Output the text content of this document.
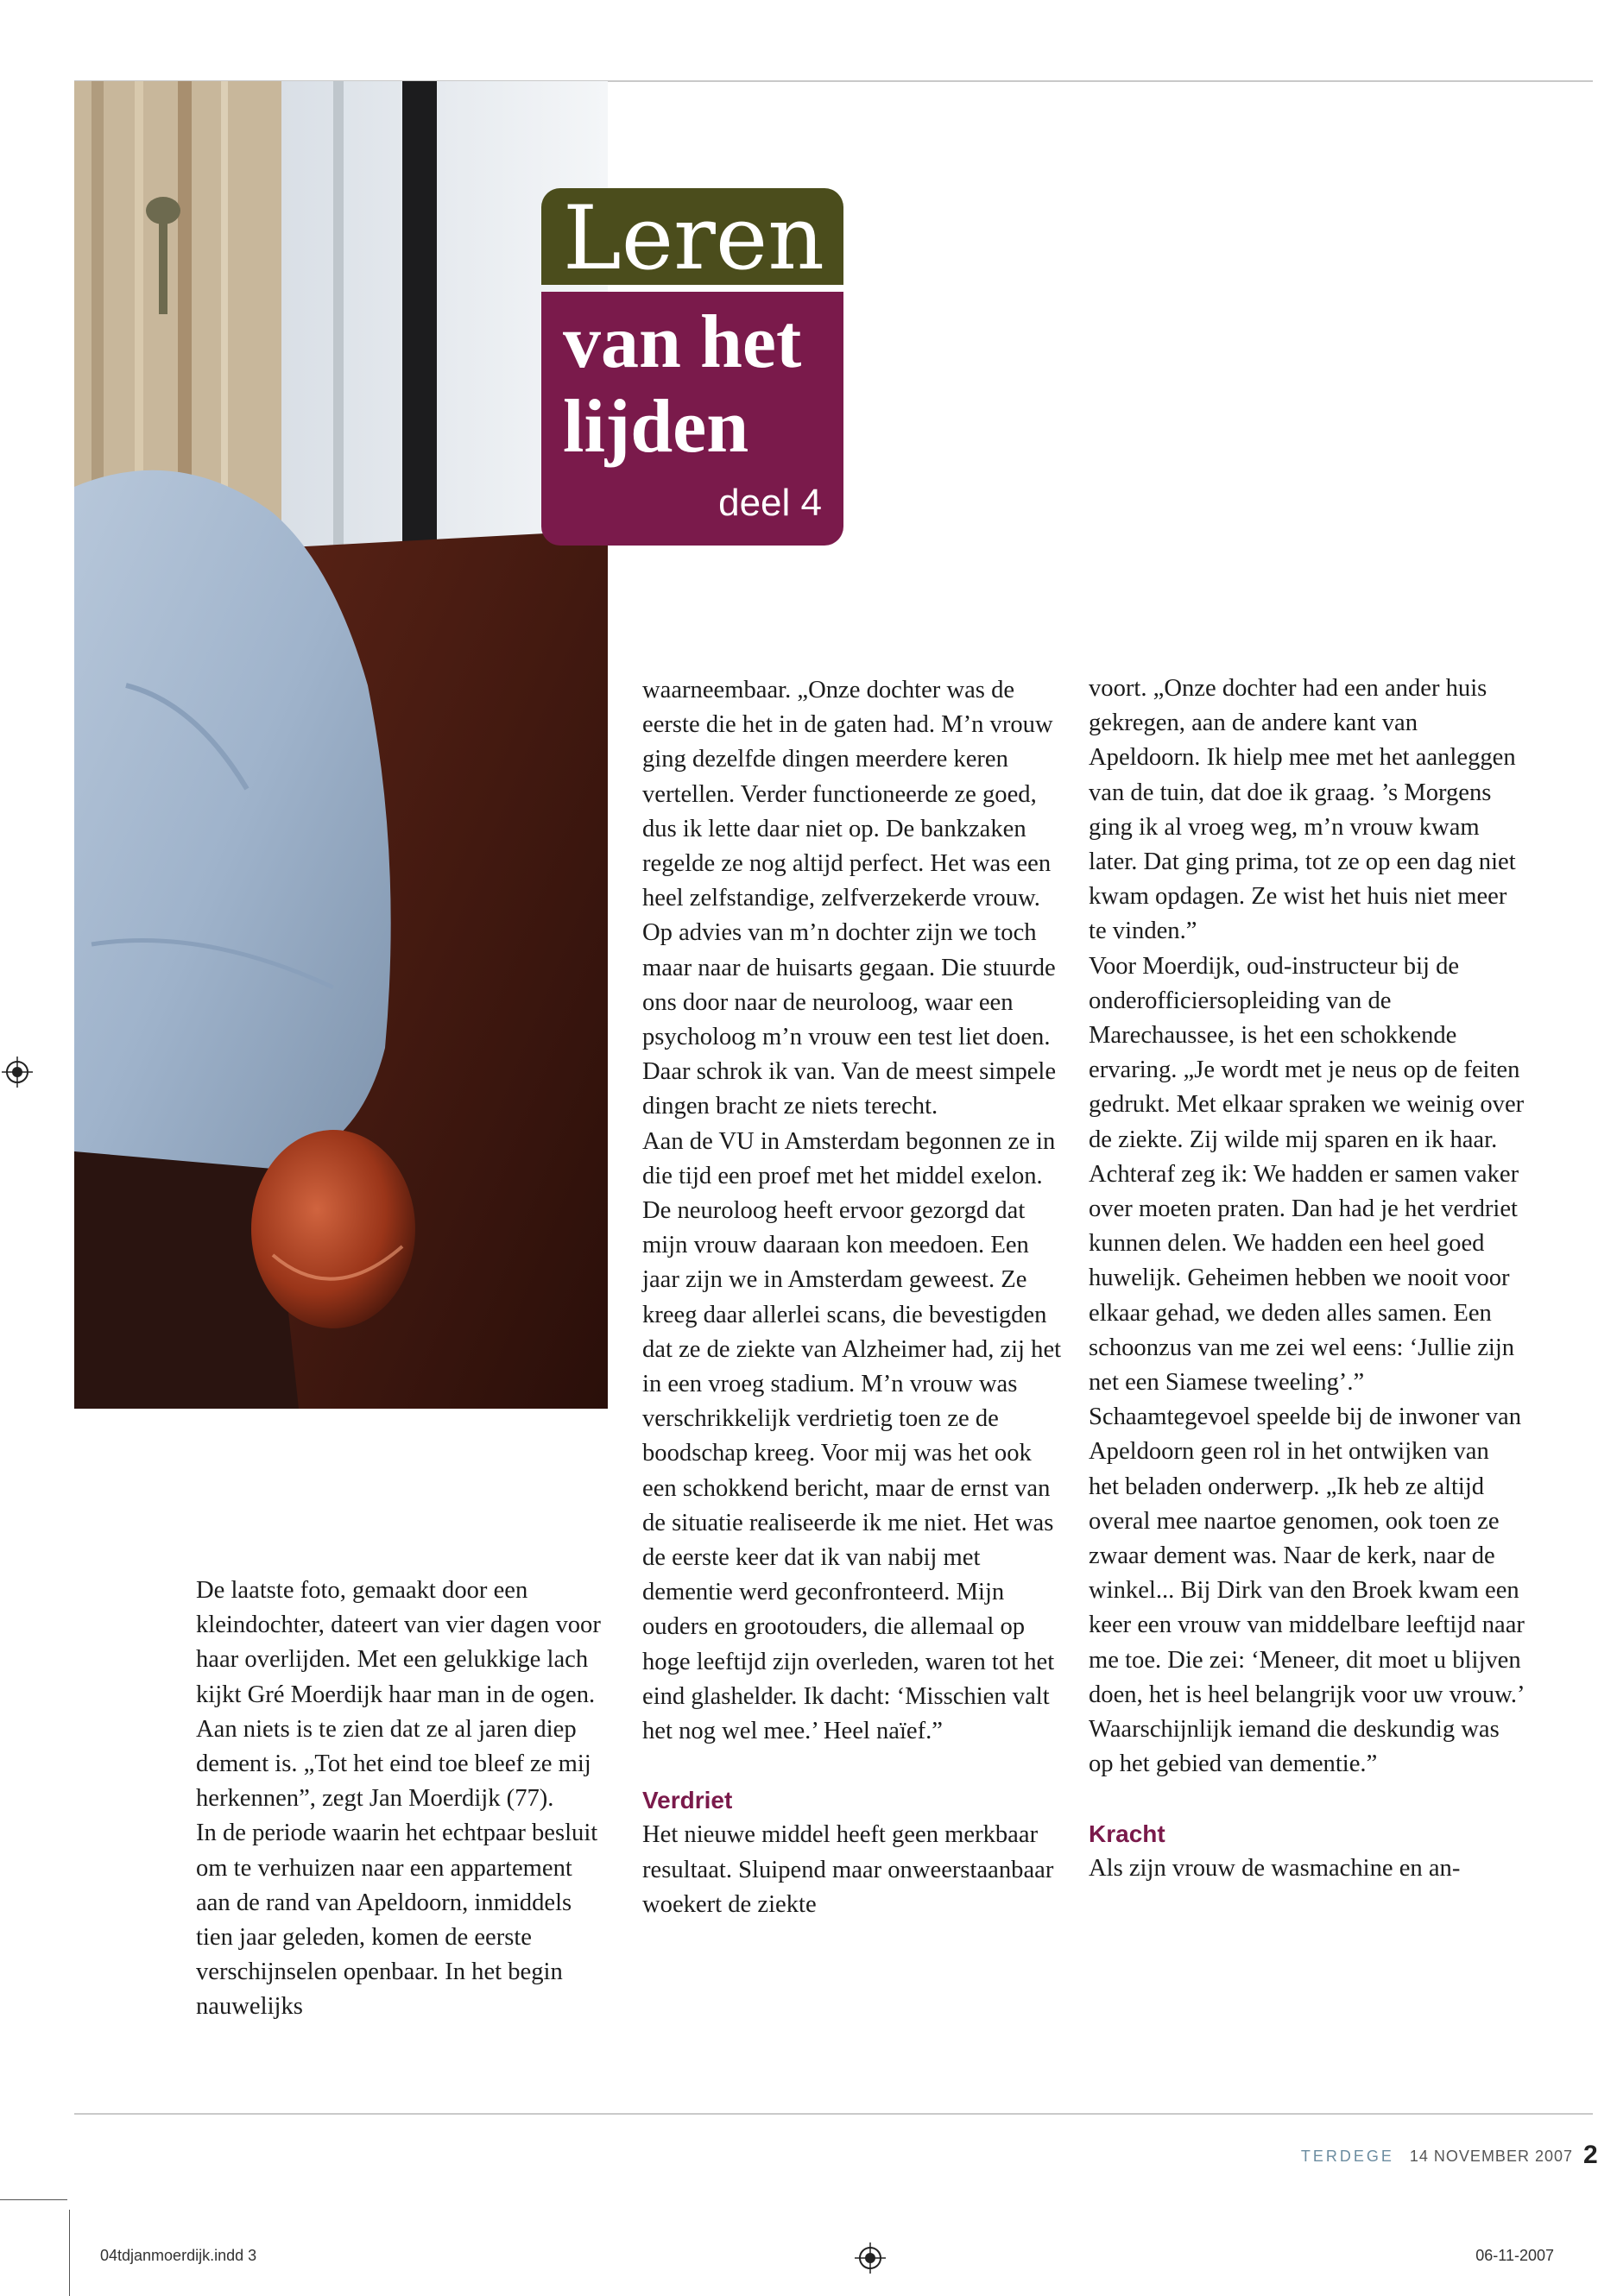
Leren
van het lijden
deel 4

De laatste foto, gemaakt door een kleindochter, dateert van vier dagen voor haar overlijden. Met een gelukkige lach kijkt Gré Moerdijk haar man in de ogen. Aan niets is te zien dat ze al jaren diep dement is. „Tot het eind toe bleef ze mij herkennen”, zegt Jan Moerdijk (77).

In de periode waarin het echtpaar besluit om te verhuizen naar een appartement aan de rand van Apeldoorn, inmiddels tien jaar geleden, komen de eerste verschijnselen openbaar. In het begin nauwelijks

waarneembaar. „Onze dochter was de eerste die het in de gaten had. M’n vrouw ging dezelfde dingen meerdere keren vertellen. Verder functioneerde ze goed, dus ik lette daar niet op. De bankzaken regelde ze nog altijd perfect. Het was een heel zelfstandige, zelfverzekerde vrouw. Op advies van m’n dochter zijn we toch maar naar de huisarts gegaan. Die stuurde ons door naar de neuroloog, waar een psycholoog m’n vrouw een test liet doen. Daar schrok ik van. Van de meest simpele dingen bracht ze niets terecht.

Aan de VU in Amsterdam begonnen ze in die tijd een proef met het middel exelon. De neuroloog heeft ervoor gezorgd dat mijn vrouw daaraan kon meedoen. Een jaar zijn we in Amsterdam geweest. Ze kreeg daar allerlei scans, die bevestigden dat ze de ziekte van Alzheimer had, zij het in een vroeg stadium. M’n vrouw was verschrikkelijk verdrietig toen ze de boodschap kreeg. Voor mij was het ook een schokkend bericht, maar de ernst van de situatie realiseerde ik me niet. Het was de eerste keer dat ik van nabij met dementie werd geconfronteerd. Mijn ouders en grootouders, die allemaal op hoge leeftijd zijn overleden, waren tot het eind glashelder. Ik dacht: ‘Misschien valt het nog wel mee.’ Heel naïef.”

Verdriet

Het nieuwe middel heeft geen merkbaar resultaat. Sluipend maar onweerstaanbaar woekert de ziekte

voort. „Onze dochter had een ander huis gekregen, aan de andere kant van Apeldoorn. Ik hielp mee met het aanleggen van de tuin, dat doe ik graag. ’s Morgens ging ik al vroeg weg, m’n vrouw kwam later. Dat ging prima, tot ze op een dag niet kwam opdagen. Ze wist het huis niet meer te vinden.”

Voor Moerdijk, oud-instructeur bij de onderofficiersopleiding van de Marechaussee, is het een schokkende ervaring. „Je wordt met je neus op de feiten gedrukt. Met elkaar spraken we weinig over de ziekte. Zij wilde mij sparen en ik haar. Achteraf zeg ik: We hadden er samen vaker over moeten praten. Dan had je het verdriet kunnen delen. We hadden een heel goed huwelijk. Geheimen hebben we nooit voor elkaar gehad, we deden alles samen. Een schoonzus van me zei wel eens: ‘Jullie zijn net een Siamese tweeling’.”

Schaamtegevoel speelde bij de inwoner van Apeldoorn geen rol in het ontwijken van het beladen onderwerp. „Ik heb ze altijd overal mee naartoe genomen, ook toen ze zwaar dement was. Naar de kerk, naar de winkel... Bij Dirk van den Broek kwam een keer een vrouw van middelbare leeftijd naar me toe. Die zei: ‘Meneer, dit moet u blijven doen, het is heel belangrijk voor uw vrouw.’ Waarschijnlijk iemand die deskundig was op het gebied van dementie.”

Kracht

Als zijn vrouw de wasmachine en an-

TERDEGE 14 NOVEMBER 2007 2
04tdjanmoerdijk.indd 3	06-11-2007
